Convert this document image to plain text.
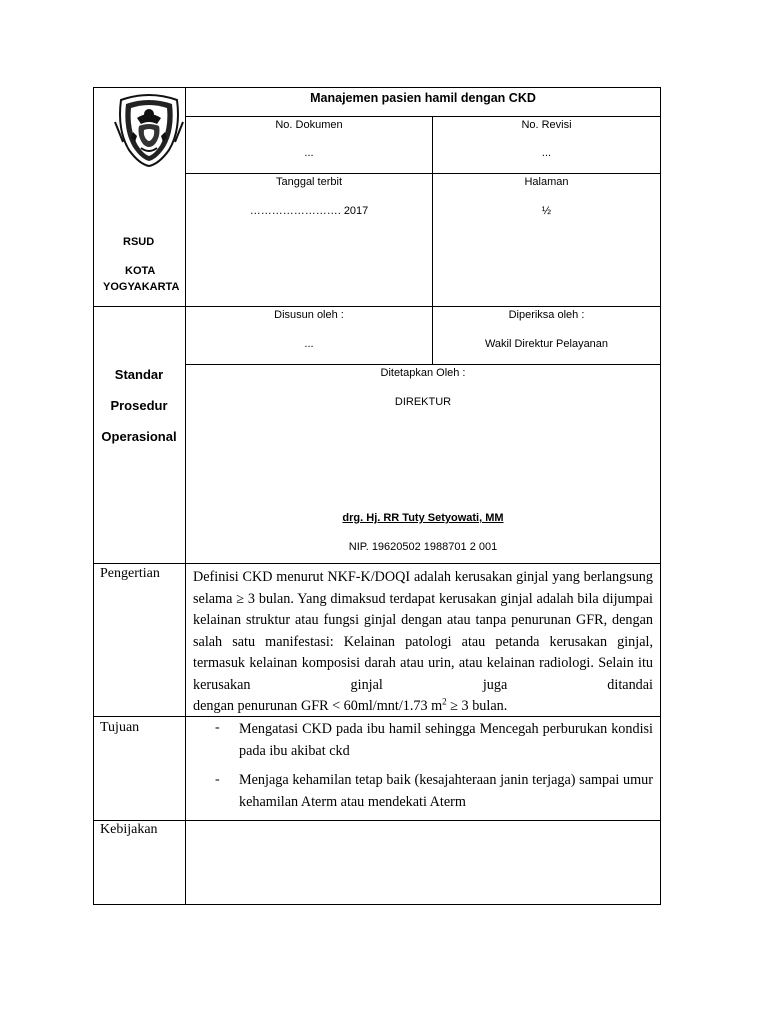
RSUD
KOTA
YOGYAKARTA
Standar
Prosedur
Operasional
Manajemen pasien hamil dengan CKD
No. Dokumen
...
No. Revisi
...
Tanggal terbit
……………………. 2017
Halaman
½
Disusun oleh :
...
Diperiksa oleh :
Wakil Direktur Pelayanan
Ditetapkan Oleh :
DIREKTUR
drg. Hj. RR Tuty Setyowati, MM
NIP. 19620502 1988701 2 001
Pengertian Definisi CKD menurut NKF-K/DOQI adalah kerusakan ginjal yang berlangsung selama ≥ 3 bulan. Yang dimaksud terdapat kerusakan ginjal adalah bila dijumpai kelainan struktur atau fungsi ginjal dengan atau tanpa penurunan GFR, dengan salah satu manifestasi: Kelainan patologi atau petanda kerusakan ginjal, termasuk kelainan komposisi darah atau urin, atau kelainan radiologi. Selain itu kerusakan ginjal juga ditandai
dengan penurunan GFR < 60ml/mnt/1.73 $m^2 \ge 3$ bulan.
Tujuan	- Mengatasi CKD pada ibu hamil sehingga Mencegah perburukan kondisi pada ibu akibat ckd
- Menjaga kehamilan tetap baik (kesajahteraan janin terjaga) sampai umur kehamilan Aterm atau mendekati Aterm
Kebijakan
